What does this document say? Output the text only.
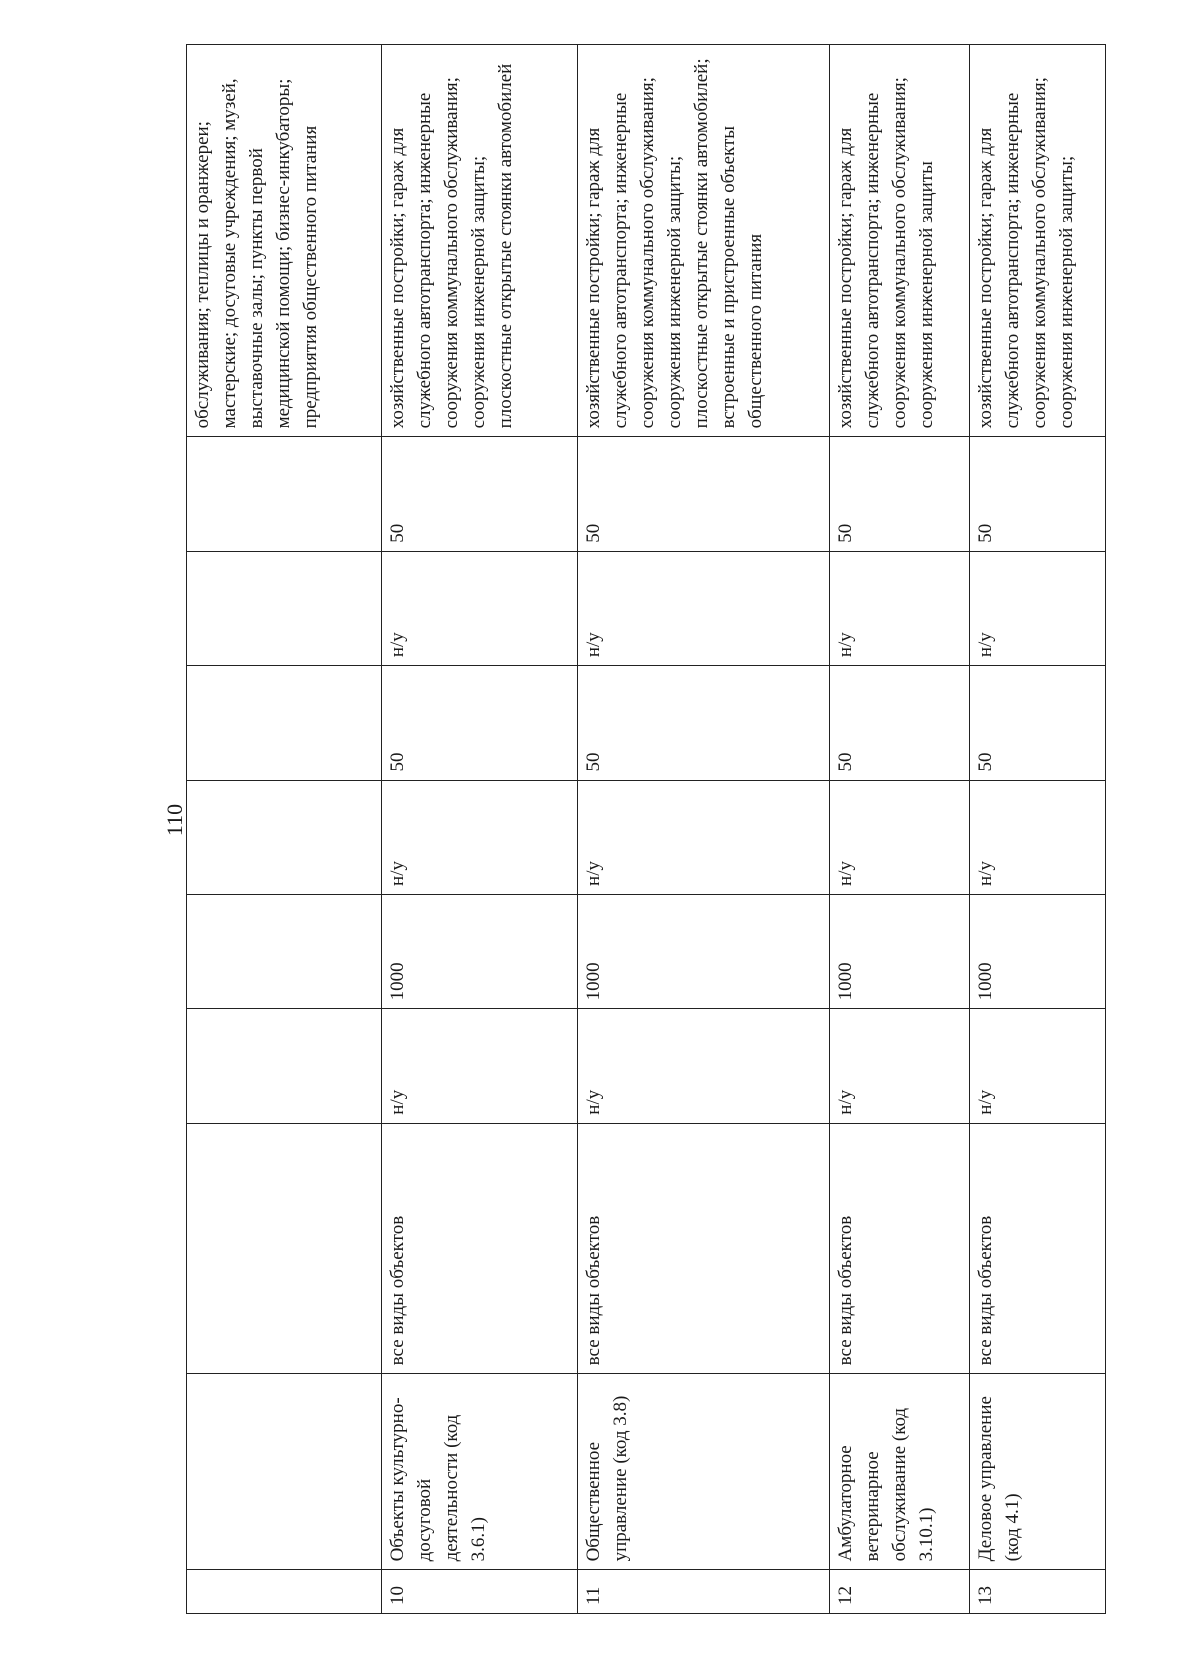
110

									обслуживания; теплицы и оранжереи; мастерские; досуговые учреждения; музей, выставочные залы; пункты первой медицинской помощи; бизнес-инкубаторы; предприятия общественного питания

10	Объекты культурно-досуговой деятельности (код 3.6.1)	все виды объектов	н/у	1000	н/у	50	н/у	50	хозяйственные постройки; гараж для служебного автотранспорта; инженерные сооружения коммунального обслуживания; сооружения инженерной защиты; плоскостные открытые стоянки автомобилей
11	Общественное управление (код 3.8)	все виды объектов	н/у	1000	н/у	50	н/у	50	хозяйственные постройки; гараж для служебного автотранспорта; инженерные сооружения коммунального обслуживания; сооружения инженерной защиты; плоскостные открытые стоянки автомобилей; встроенные и пристроенные объекты общественного питания
12	Амбулаторное ветеринарное обслуживание (код 3.10.1)	все виды объектов	н/у	1000	н/у	50	н/у	50	хозяйственные постройки; гараж для служебного автотранспорта; инженерные сооружения коммунального обслуживания; сооружения инженерной защиты
13	Деловое управление (код 4.1)	все виды объектов	н/у	1000	н/у	50	н/у	50	хозяйственные постройки; гараж для служебного автотранспорта; инженерные сооружения коммунального обслуживания; сооружения инженерной защиты;
